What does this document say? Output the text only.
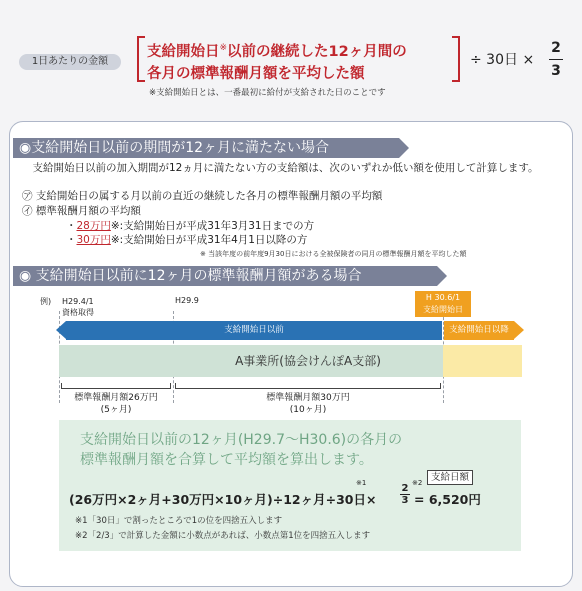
1日あたりの金額
支給開始日※以前の継続した12ヶ月間の
各月の標準報酬月額を平均した額
÷ 30日 ×
2
3
※支給開始日とは、一番最初に給付が支給された日のことです
◉支給開始日以前の期間が12ヶ月に満たない場合
支給開始日以前の加入期間が12ヵ月に満たない方の支給額は、次のいずれか低い額を使用して計算します。
㋐ 支給開始日の属する月以前の直近の継続した各月の標準報酬月額の平均額
㋑ 標準報酬月額の平均額
・28万円※:支給開始日が平成31年3月31日までの方
・30万円※:支給開始日が平成31年4月1日以降の方
※ 当該年度の前年度9月30日における全被保険者の同月の標準報酬月額を平均した額
◉ 支給開始日以前に12ヶ月の標準報酬月額がある場合
例) H29.4/1
資格取得
H29.9	H 30.6/1
支給開始日
支給開始日以前	支給開始日以降
A事業所(協会けんぽA支部)
標準報酬月額26万円
(5ヶ月)
標準報酬月額30万円
(10ヶ月)
支給開始日以前の12ヶ月(H29.7〜H30.6)の各月の
標準報酬月額を合算して平均額を算出します。
支給日額
※1	※2
(26万円×2ヶ月+30万円×10ヶ月)÷12ヶ月÷30日×
2
3 = 6,520円
※1「30日」で割ったところで1の位を四捨五入します
※2「2/3」で計算した金額に小数点があれば、小数点第1位を四捨五入します
